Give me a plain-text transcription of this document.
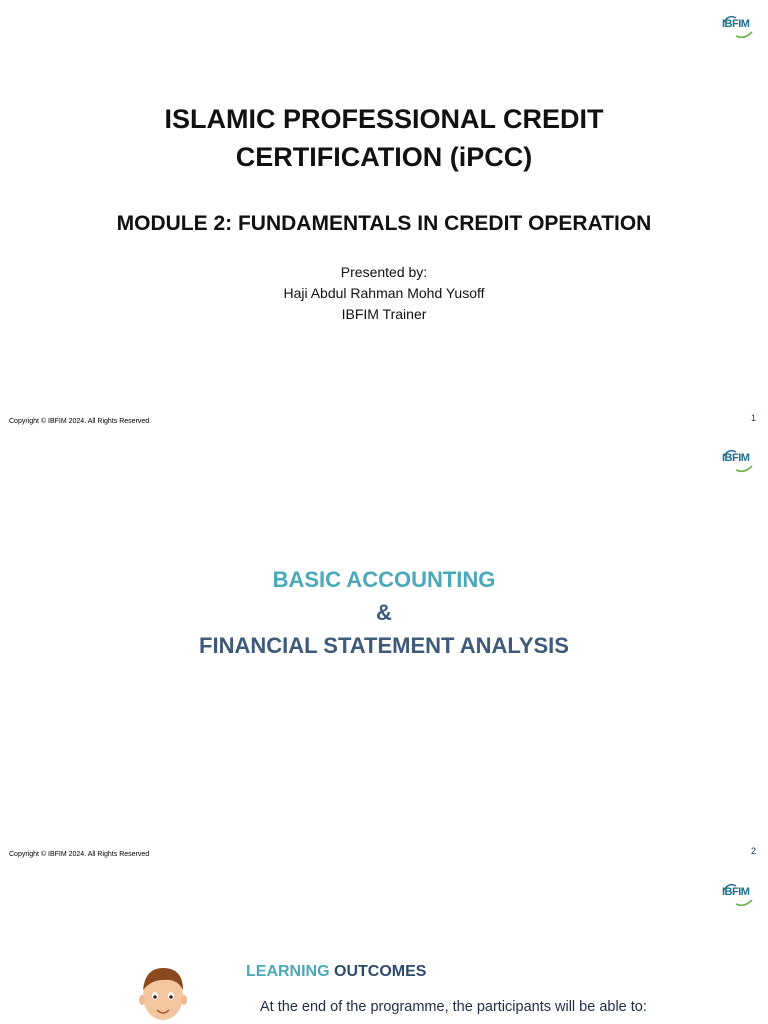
IBFIM
ISLAMIC PROFESSIONAL CREDIT
CERTIFICATION (iPCC)
MODULE 2: FUNDAMENTALS IN CREDIT OPERATION
Presented by:
Haji Abdul Rahman Mohd Yusoff
IBFIM Trainer
Copyright © IBFIM 2024. All Rights Reserved	1
IBFIM
Copyright © IBFIM 2024. All Rights Reserved	2
BASIC ACCOUNTING
&
FINANCIAL STATEMENT ANALYSIS
IBFIM
LEARNING OUTCOMES
At the end of the programme, the participants will be able to:
